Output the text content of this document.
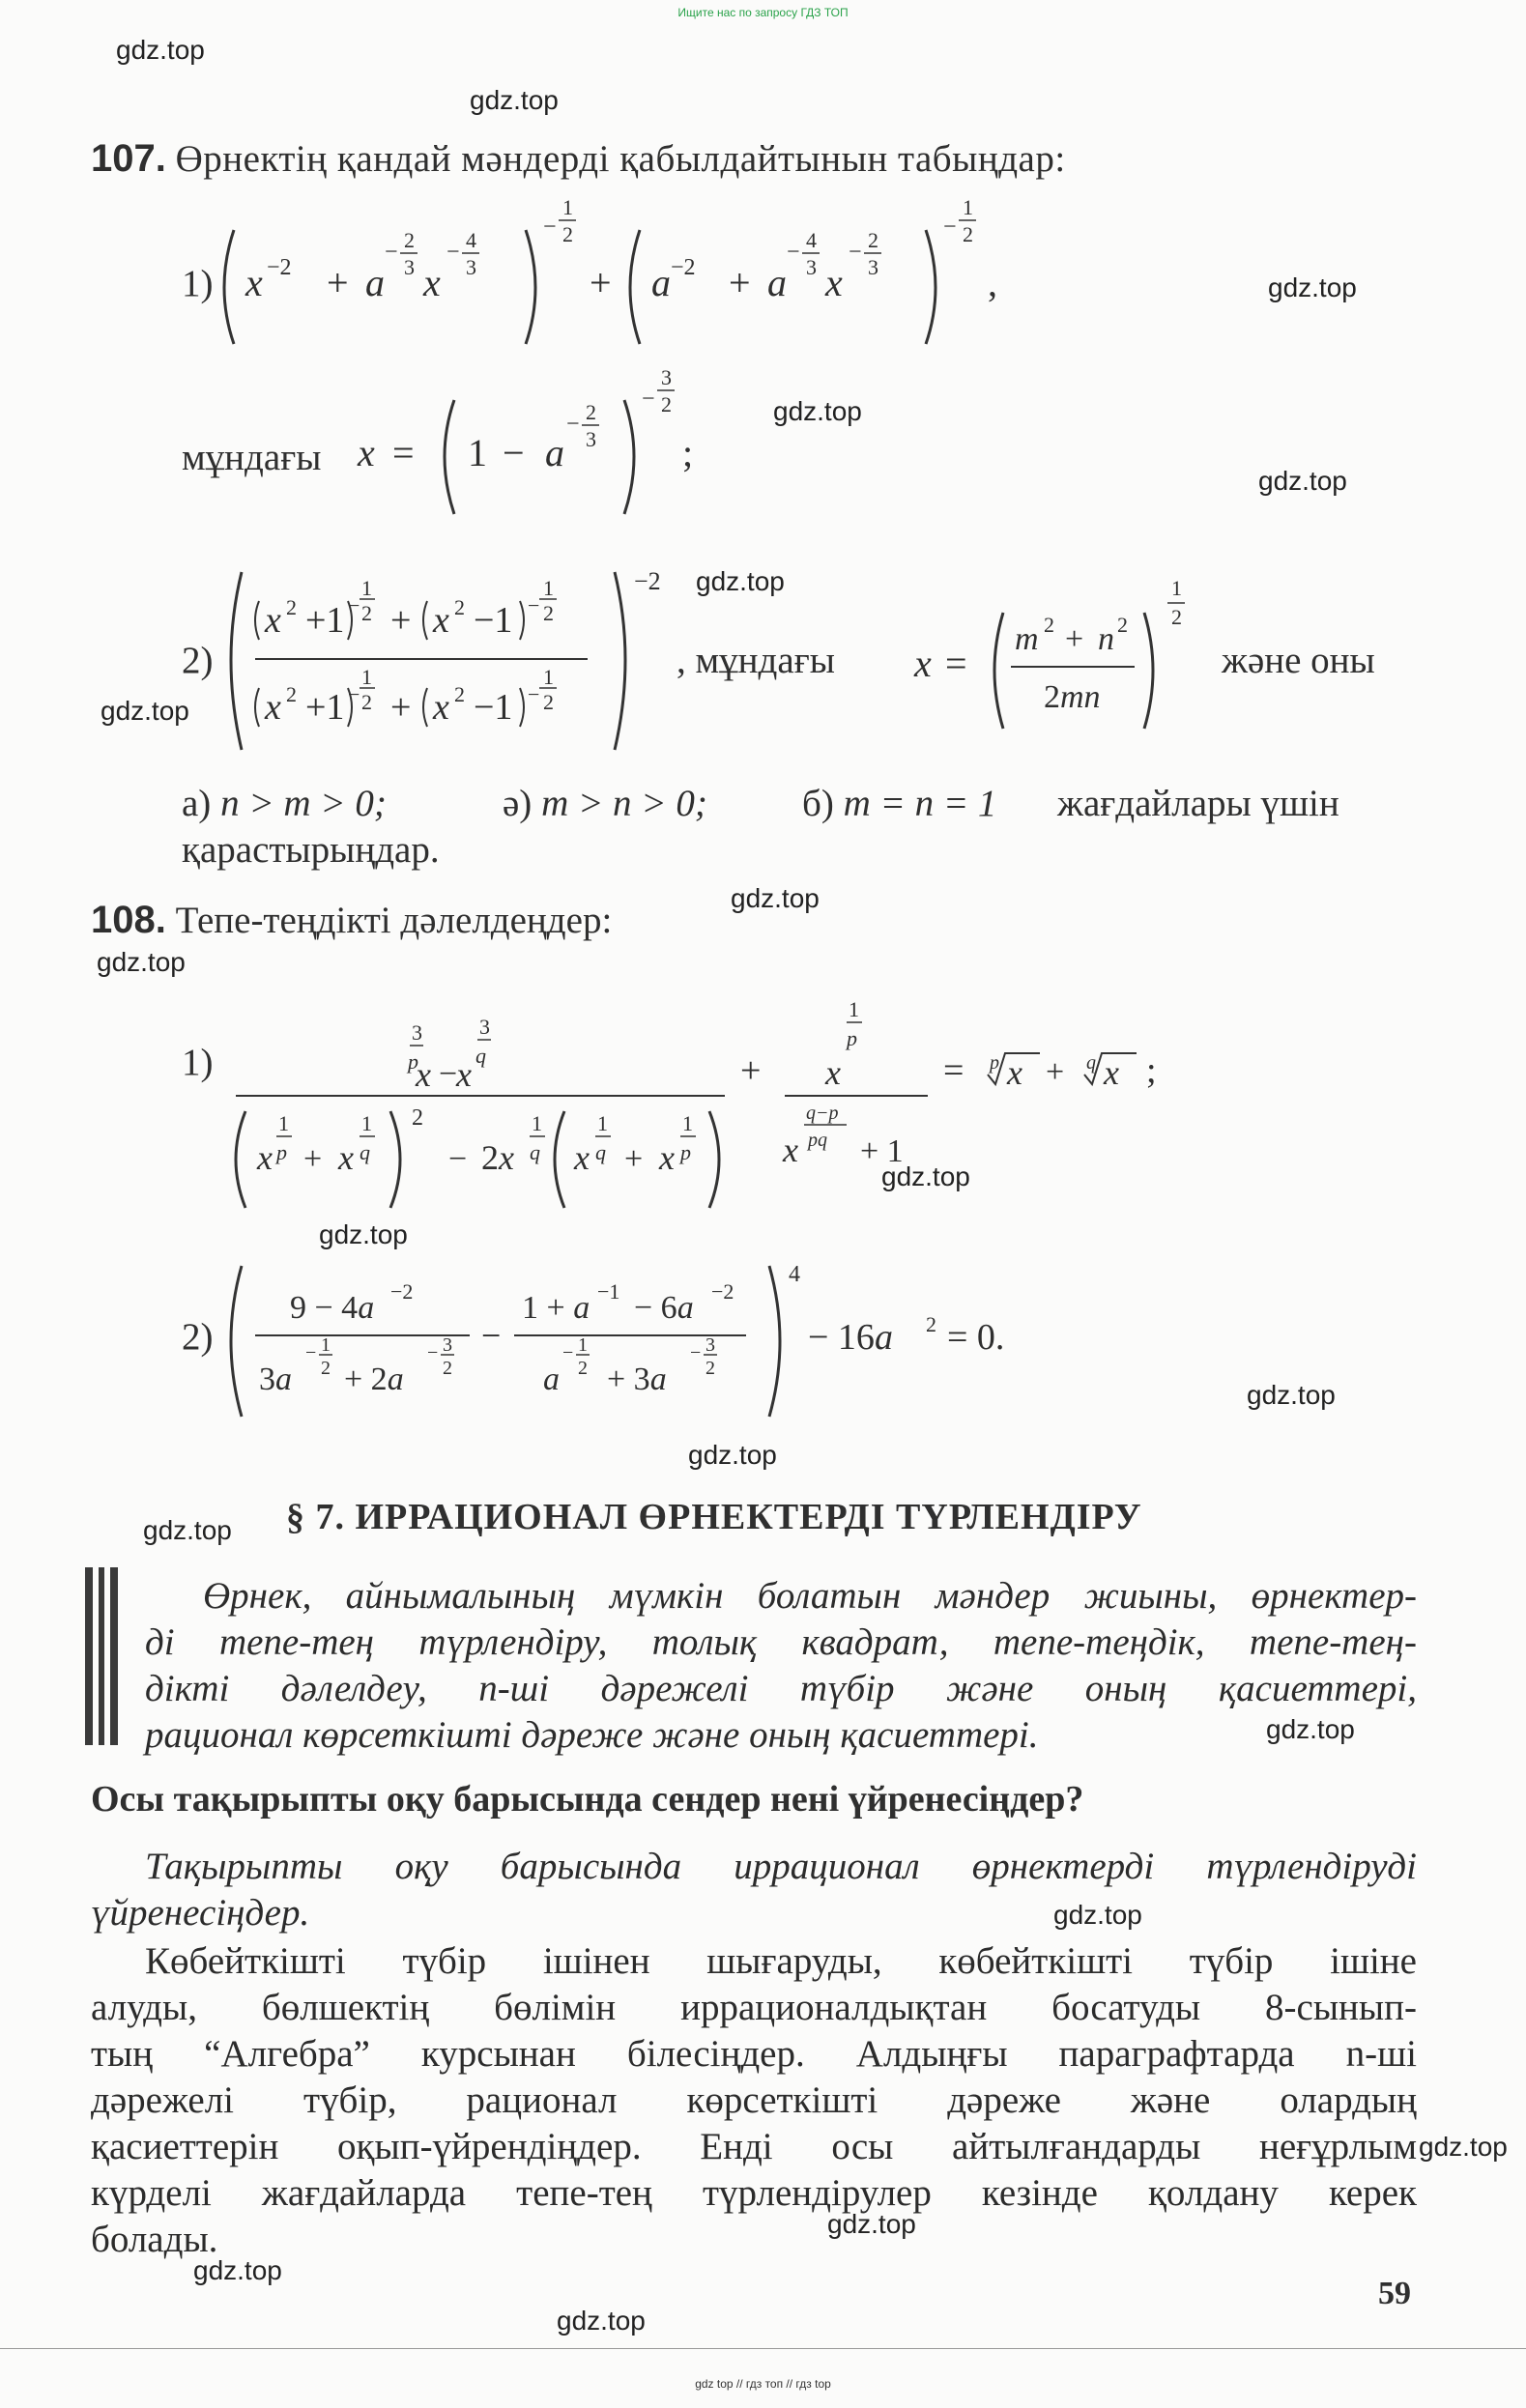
Ищите нас по запросу ГДЗ ТОП
gdz.top
gdz.top
gdz.top
gdz.top
gdz.top
gdz.top
gdz.top
gdz.top
gdz.top
gdz.top
gdz.top
gdz.top
gdz.top
gdz.top
gdz.top
gdz.top
gdz.top
gdz.top
gdz.top
gdz.top
107. Өрнектің қандай мәндерді қабылдайтынын табыңдар:
1) x −2 + a
− 2
3 x
− 4
3
−
1
2
+ a −2 + a
− 4
3 x
− 2
3
−
1
2
,
мұндағы x = 1 − a
− 2
3
−
3
2
;
2)
x 2 +1
1
− 2 + x 2 −1
1
− 2
x 2 +1
1
− 2 + x 2 −1
1
− 2
−2
, мұндағы x =
m 2 + n 2
2mn
1
2
және оны
а) n > m > 0;	ә) m > n > 0;	б) m = n = 1 жағдайлары үшін
қарастырыңдар.
108. Тепе-теңдікті дәлелдеңдер:
1)
3
p
x −
3
q
x
x
1
p + x
1
q
2
− 2x
1
q x
1
q + x
1
p
+ x
1
p
q−p
pq
x + 1
= p x + q x ;
2)
9 − 4a −2
3a
− 1
2 + 2a
− 3
2
−
1 + a −1 − 6a −2
a
− 1
2 + 3a
− 3
2
4
− 16a 2 = 0.
§ 7. ИРРАЦИОНАЛ ӨРНЕКТЕРДІ ТҮРЛЕНДІРУ
Өрнек, айнымалының мүмкін болатын мәндер жиыны, өрнектер-
ді тепе-тең түрлендіру, толық квадрат, тепе-теңдік, тепе-тең-
дікті дәлелдеу, n-ші дәрежелі түбір және оның қасиеттері,
рационал көрсеткішті дәреже және оның қасиеттері.
Осы тақырыпты оқу барысында сендер нені үйренесіңдер?
Тақырыпты оқу барысында иррационал өрнектерді түрлендіруді
үйренесіңдер.
Көбейткішті түбір ішінен шығаруды, көбейткішті түбір ішіне
алуды, бөлшектің бөлімін иррационалдықтан босатуды 8-сынып-
тың “Алгебра” курсынан білесіңдер. Алдыңғы параграфтарда n-ші
дәрежелі түбір, рационал көрсеткішті дәреже және олардың
қасиеттерін оқып-үйрендіңдер. Енді осы айтылғандарды неғұрлым
күрделі жағдайларда тепе-тең түрлендірулер кезінде қолдану керек
болады.
59
gdz top // гдз топ // гдз top
